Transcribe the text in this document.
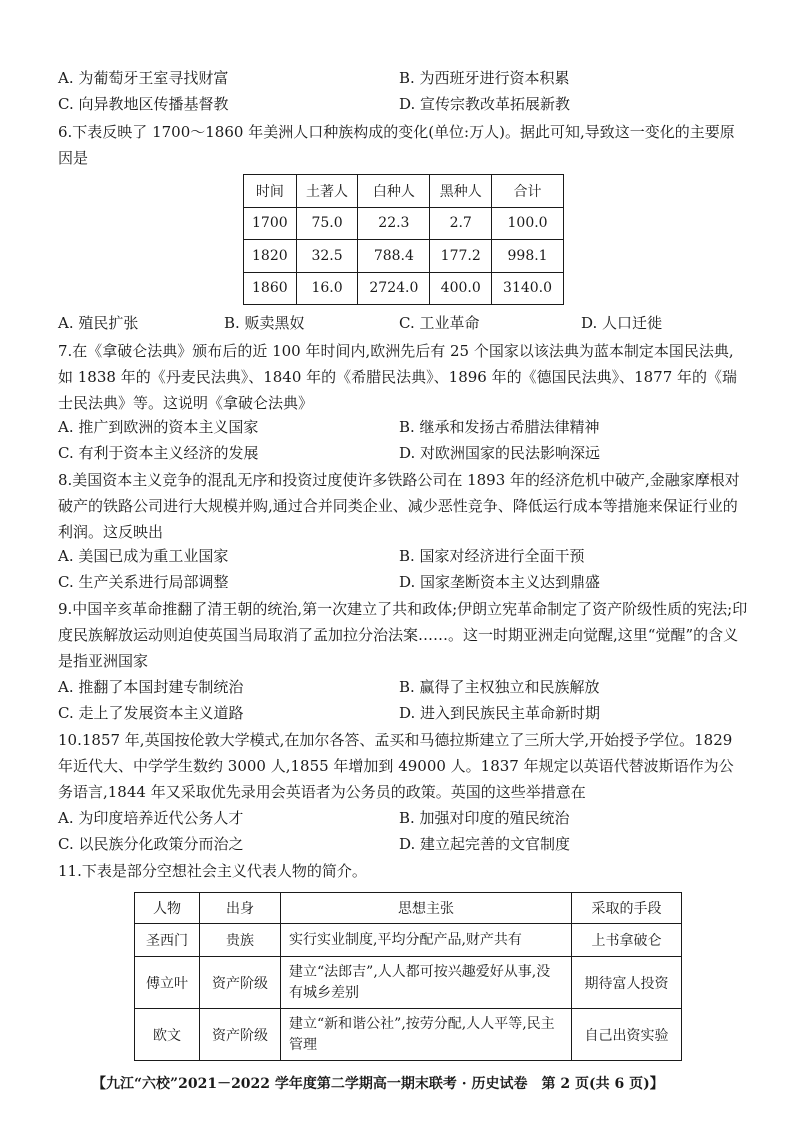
A. 为葡萄牙王室寻找财富	B. 为西班牙进行资本积累
C. 向异教地区传播基督教	D. 宣传宗教改革拓展新教
6.下表反映了 1700～1860 年美洲人口种族构成的变化(单位:万人)。据此可知,导致这一变化的主要原因是
时间	土著人	白种人	黑种人	合计
1700	75.0	22.3	2.7	100.0
1820	32.5	788.4	177.2	998.1
1860	16.0	2724.0	400.0	3140.0
A. 殖民扩张	B. 贩卖黑奴	C. 工业革命	D. 人口迁徙
7.在《拿破仑法典》颁布后的近 100 年时间内,欧洲先后有 25 个国家以该法典为蓝本制定本国民法典,如 1838 年的《丹麦民法典》、1840 年的《希腊民法典》、1896 年的《德国民法典》、1877 年的《瑞士民法典》等。这说明《拿破仑法典》
A. 推广到欧洲的资本主义国家	B. 继承和发扬古希腊法律精神
C. 有利于资本主义经济的发展	D. 对欧洲国家的民法影响深远
8.美国资本主义竞争的混乱无序和投资过度使许多铁路公司在 1893 年的经济危机中破产,金融家摩根对破产的铁路公司进行大规模并购,通过合并同类企业、减少恶性竞争、降低运行成本等措施来保证行业的利润。这反映出
A. 美国已成为重工业国家	B. 国家对经济进行全面干预
C. 生产关系进行局部调整	D. 国家垄断资本主义达到鼎盛
9.中国辛亥革命推翻了清王朝的统治,第一次建立了共和政体;伊朗立宪革命制定了资产阶级性质的宪法;印度民族解放运动则迫使英国当局取消了孟加拉分治法案……。这一时期亚洲走向觉醒,这里“觉醒”的含义是指亚洲国家
A. 推翻了本国封建专制统治	B. 赢得了主权独立和民族解放
C. 走上了发展资本主义道路	D. 进入到民族民主革命新时期
10.1857 年,英国按伦敦大学模式,在加尔各答、孟买和马德拉斯建立了三所大学,开始授予学位。1829 年近代大、中学学生数约 3000 人,1855 年增加到 49000 人。1837 年规定以英语代替波斯语作为公务语言,1844 年又采取优先录用会英语者为公务员的政策。英国的这些举措意在
A. 为印度培养近代公务人才	B. 加强对印度的殖民统治
C. 以民族分化政策分而治之	D. 建立起完善的文官制度
11.下表是部分空想社会主义代表人物的简介。
人物	出身	思想主张	采取的手段
圣西门	贵族	实行实业制度,平均分配产品,财产共有	上书拿破仑
傅立叶	资产阶级	建立“法郎吉”,人人都可按兴趣爱好从事,没有城乡差别	期待富人投资
欧文	资产阶级	建立“新和谐公社”,按劳分配,人人平等,民主管理	自己出资实验
【九江“六校”2021－2022 学年度第二学期高一期末联考 · 历史试卷　第 2 页(共 6 页)】
